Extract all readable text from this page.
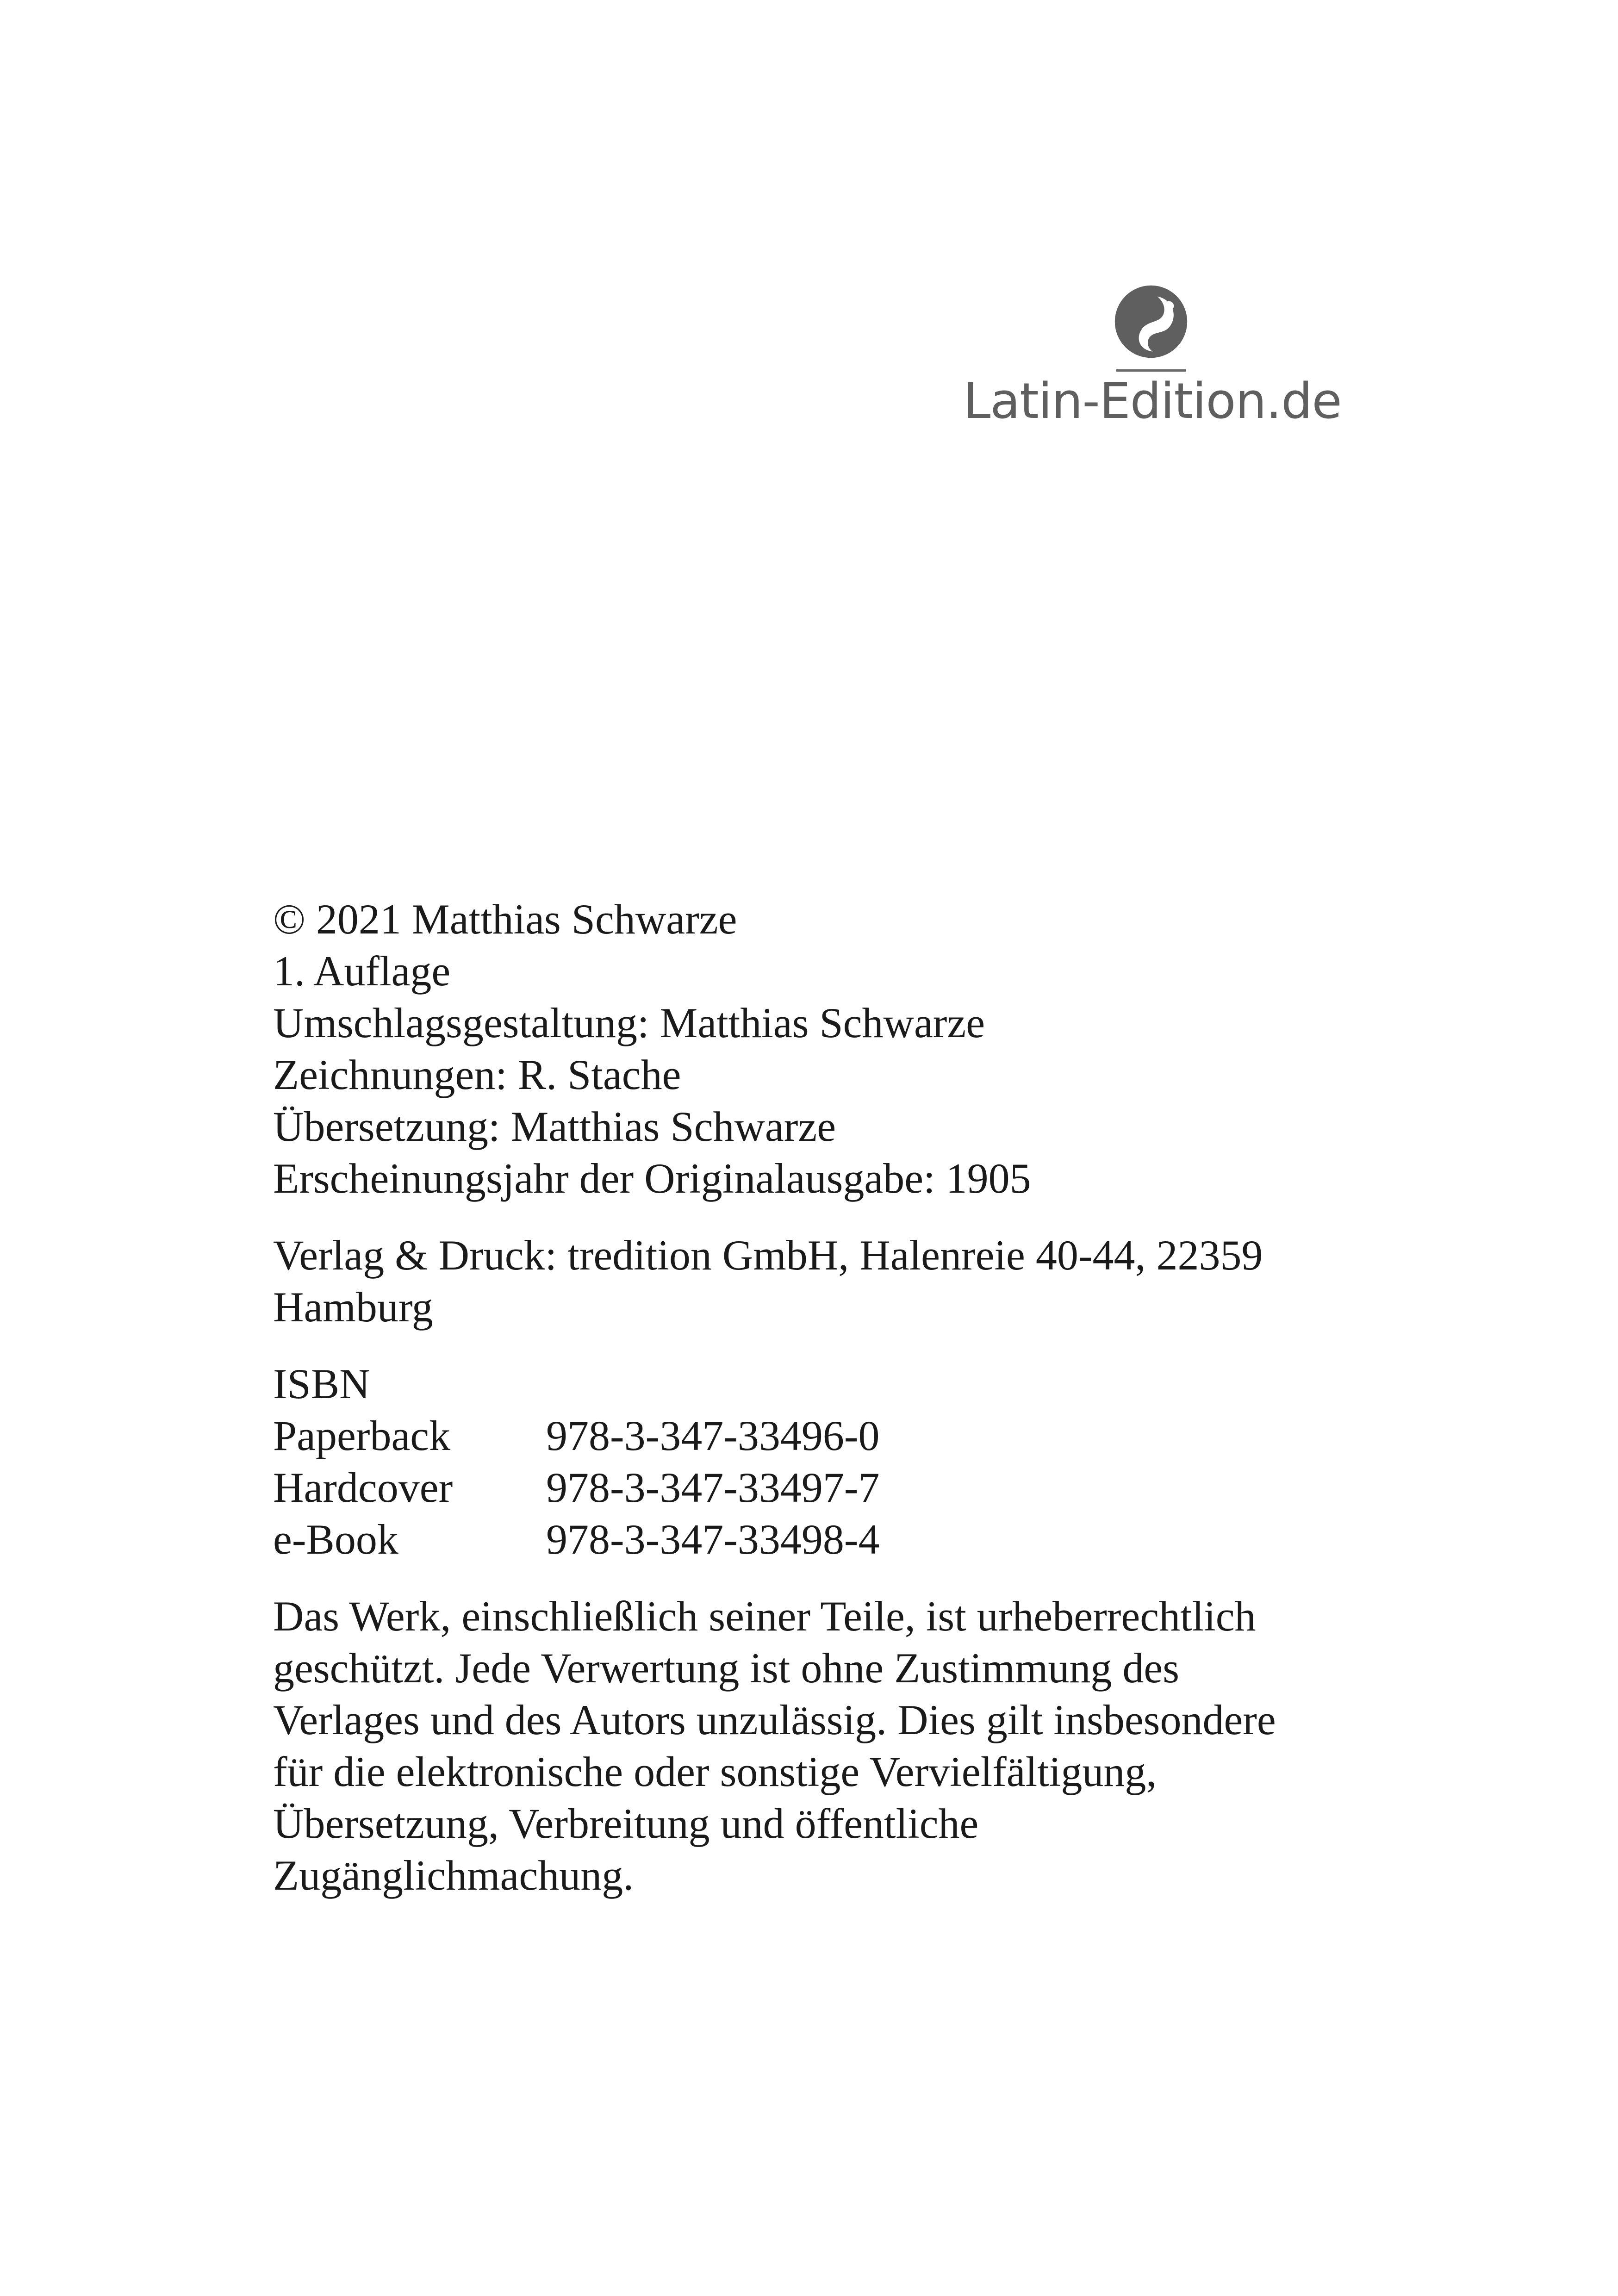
Latin-Edition.de
© 2021 Matthias Schwarze
1. Auflage
Umschlagsgestaltung: Matthias Schwarze
Zeichnungen: R. Stache
Übersetzung: Matthias Schwarze
Erscheinungsjahr der Originalausgabe: 1905
Verlag & Druck: tredition GmbH, Halenreie 40-44, 22359
Hamburg
ISBN
Paperback	978-3-347-33496-0
Hardcover	978-3-347-33497-7
e-Book	978-3-347-33498-4
Das Werk, einschließlich seiner Teile, ist urheberrechtlich
geschützt. Jede Verwertung ist ohne Zustimmung des
Verlages und des Autors unzulässig. Dies gilt insbesondere
für die elektronische oder sonstige Vervielfältigung,
Übersetzung, Verbreitung und öffentliche
Zugänglichmachung.
